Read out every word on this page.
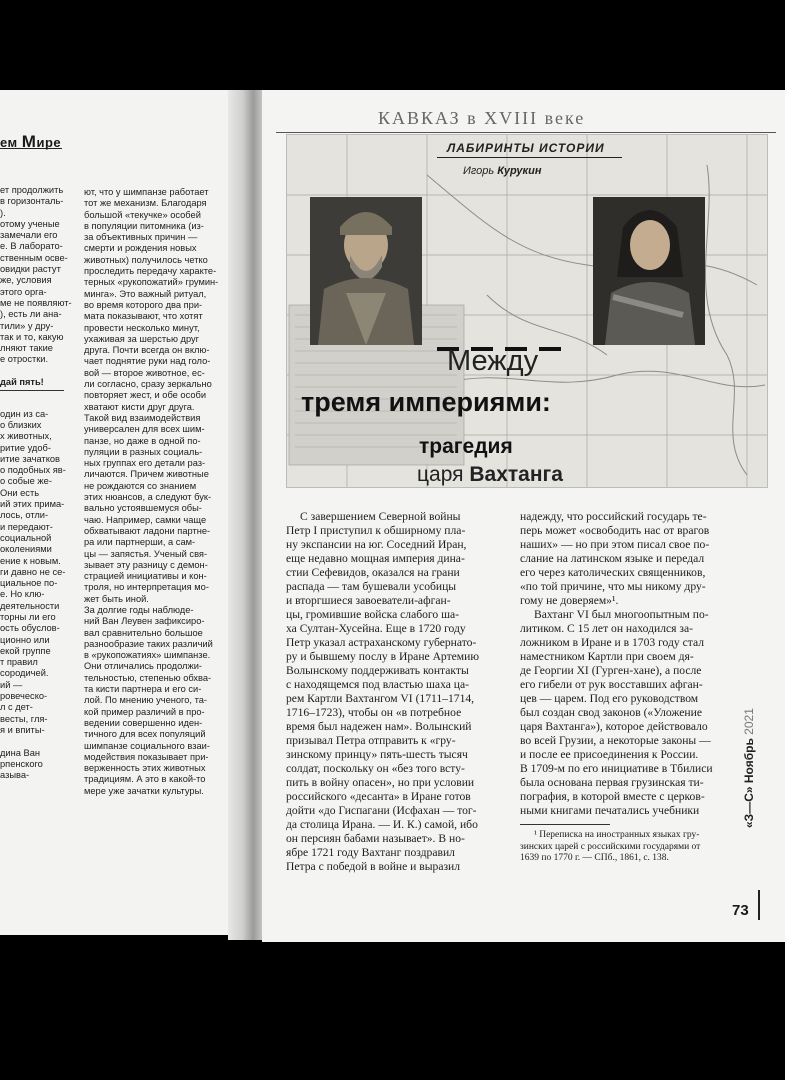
ем Мире
ет продолжить
в горизонталь-
).
отому ученые
замечали его
е. В лаборато-
ственным осве-
овидки растут
же, условия
этого орга-
ме не появляют-
), есть ли ана-
тили» у дру-
так и то, какую
лняют такие
е отростки.

дай пять!

один из са-
о близких
х животных,
ритие удоб-
итие зачатков
о подобных яв-
о собые же-
Они есть
ий этих прима-
лось, отли-
и передают-
социальной
околениями
ение к новым.
ги давно не се-
циальное по-
е. Но клю-
деятельности
торны ли его
ость обуслов-
ционно или
екой группе
т правил
сородичей.
ий —
ровеческо-
л с дет-
весты, гля-
я и впиты-

дина Ван
рпенского
азыва-
ют, что у шимпанзе работает
тот же механизм. Благодаря
большой «текучке» особей
в популяции питомника (из-
за объективных причин —
смерти и рождения новых
животных) получилось четко
проследить передачу характе-
терных «рукопожатий» грумин-
минга». Это важный ритуал,
во время которого два при-
мата показывают, что хотят
провести несколько минут,
ухаживая за шерстью друг
друга. Почти всегда он вклю-
чает поднятие руки над голо-
вой — второе животное, ес-
ли согласно, сразу зеркально
повторяет жест, и обе особи
хватают кисти друг друга.
Такой вид взаимодействия
универсален для всех шим-
панзе, но даже в одной по-
пуляции в разных социаль-
ных группах его детали раз-
личаются. Причем животные
не рождаются со знанием
этих нюансов, а следуют бук-
вально устоявшемуся обы-
чаю. Например, самки чаще
обхватывают ладони партне-
ра или партнерши, а сам-
цы — запястья. Ученый свя-
зывает эту разницу с демон-
страцией инициативы и кон-
троля, но интерпретация мо-
жет быть иной.
За долгие годы наблюде-
ний Ван Леувен зафиксиро-
вал сравнительно большое
разнообразие таких различий
в «рукопожатиях» шимпанзе.
Они отличались продолжи-
тельностью, степенью обхва-
та кисти партнера и его си-
лой. По мнению ученого, та-
кой пример различий в про-
ведении совершенно иден-
тичного для всех популяций
шимпанзе социального взаи-
модействия показывает при-
верженность этих животных
традициям. А это в какой-то
мере уже зачатки культуры.
КАВКАЗ в XVIII веке
ЛАБИРИНТЫ ИСТОРИИ
Игорь Курукин
Между
тремя империями:
трагедия
царя Вахтанга
С завершением Северной войны
Петр I приступил к обширному пла-
ну экспансии на юг. Соседний Иран,
еще недавно мощная империя дина-
стии Сефевидов, оказался на грани
распада — там бушевали усобицы
и вторгшиеся завоеватели-афган-
цы, громившие войска слабого ша-
ха Султан-Хусейна. Еще в 1720 году
Петр указал астраханскому губернато-
ру и бывшему послу в Иране Артемию
Волынскому поддерживать контакты
с находящемся под властью шаха ца-
рем Картли Вахтангом VI (1711–1714,
1716–1723), чтобы он «в потребное
время был надежен нам». Волынский
призывал Петра отправить к «гру-
зинскому принцу» пять-шесть тысяч
солдат, поскольку он «без того всту-
пить в войну опасен», но при условии
российского «десанта» в Иране готов
дойти «до Гиспагани (Исфахан — тог-
да столица Ирана. — И. К.) самой, ибо
он персиян бабами называет». В но-
ябре 1721 году Вахтанг поздравил
Петра с победой в войне и выразил
надежду, что российский государь те-
перь может «освободить нас от врагов
наших» — но при этом писал свое по-
слание на латинском языке и передал
его через католических священников,
«по той причине, что мы никому дру-
гому не доверяем»¹.
Вахтанг VI был многоопытным по-
литиком. С 15 лет он находился за-
ложником в Иране и в 1703 году стал
наместником Картли при своем дя-
де Георгии XI (Гурген-хане), а после
его гибели от рук восставших афган-
цев — царем. Под его руководством
был создан свод законов («Уложение
царя Вахтанга»), которое действовало
во всей Грузии, а некоторые законы —
и после ее присоединения к России.
В 1709-м по его инициативе в Тбилиси
была основана первая грузинская ти-
пография, в которой вместе с церков-
ными книгами печатались учебники
¹ Переписка на иностранных языках гру-
зинских царей с российскими государями от
1639 по 1770 г. — СПб., 1861, с. 138.
«З—С» Ноябрь 2021
73
